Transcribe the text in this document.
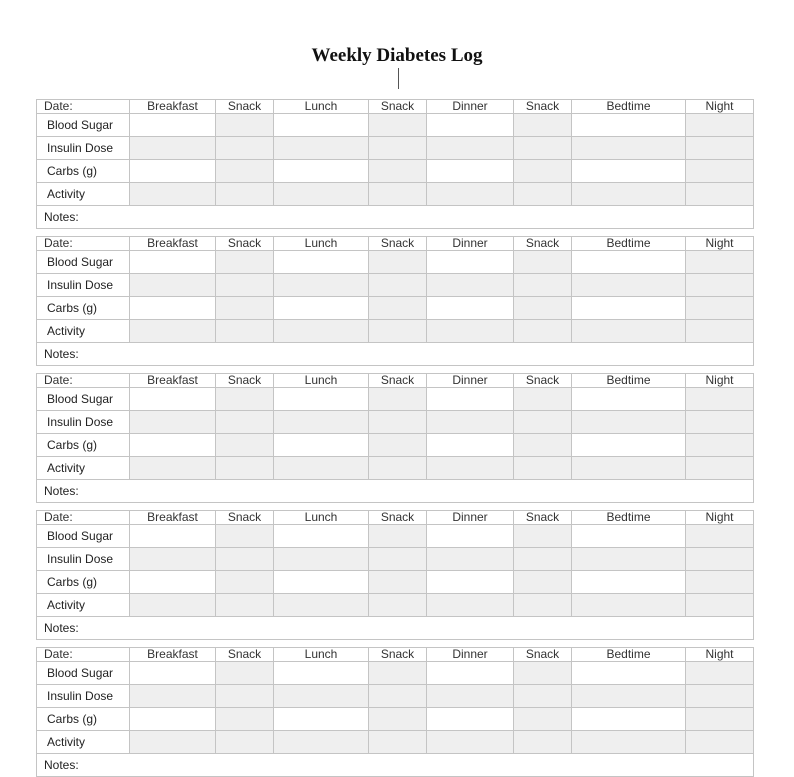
Weekly Diabetes Log
Date:	Breakfast	Snack	Lunch	Snack	Dinner	Snack	Bedtime	Night
Blood Sugar								
Insulin Dose								
Carbs (g)								
Activity								
Notes:								
Date:	Breakfast	Snack	Lunch	Snack	Dinner	Snack	Bedtime	Night
Blood Sugar								
Insulin Dose								
Carbs (g)								
Activity								
Notes:								
Date:	Breakfast	Snack	Lunch	Snack	Dinner	Snack	Bedtime	Night
Blood Sugar								
Insulin Dose								
Carbs (g)								
Activity								
Notes:								
Date:	Breakfast	Snack	Lunch	Snack	Dinner	Snack	Bedtime	Night
Blood Sugar								
Insulin Dose								
Carbs (g)								
Activity								
Notes:								
Date:	Breakfast	Snack	Lunch	Snack	Dinner	Snack	Bedtime	Night
Blood Sugar								
Insulin Dose								
Carbs (g)								
Activity								
Notes:								
